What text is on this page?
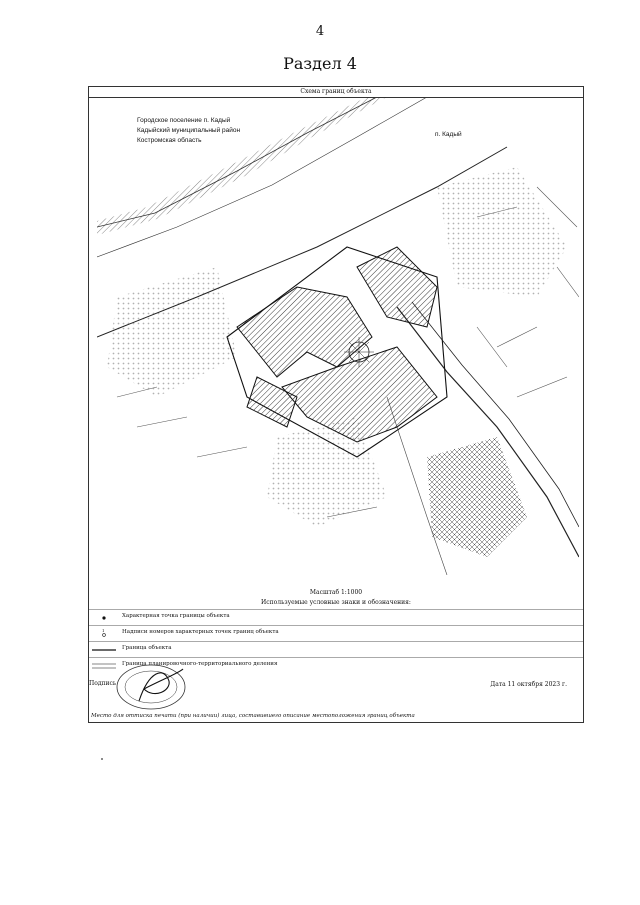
4
Раздел 4
Схема границ объекта
Городское поселение п. Кадый
Кадыйский муниципальный район
Костромская область
п. Кадый
Масштаб 1:1000
Используемые условные знаки и обозначения:
Характерная точка границы объекта
1	Надписи номеров характерных точек границ объекта
Граница объекта
Граница планировочного-территориального деления
Подпись	Дата 11 октября 2023 г.
Место для оттиска печати (при наличии) лица, составившего описание местоположения границ объекта
